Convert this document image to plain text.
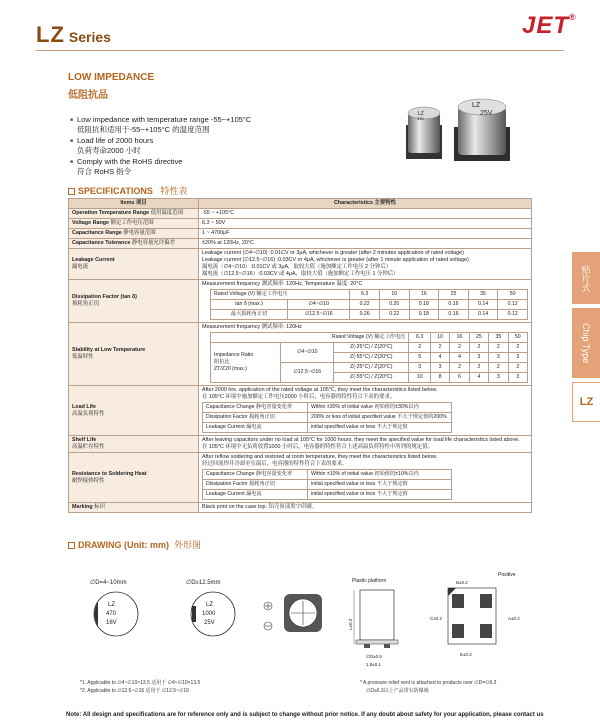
LZ Series	JET®
贴片式
Chip Type
LZ
LOW IMPEDANCE
低阻抗品
■ Low impedance with temperature range -55~+105°C
低阻抗和适用于-55~+105°C 的温度范围
■ Load life of 2000 hours
负荷寿命2000 小时
■ Comply with the RoHS directive
符合 RoHS 指令
LZ
330
LZ
25V
SPECIFICATIONS 特性表
Items 项目	Characteristics 主要特性
Operation Temperature Range 使用温度范围	-55 ~ +105°C
Voltage Range 额定工作电压范围	6.3 ~ 50V
Capacitance Range 静电容量范围	1 ~ 4700μF
Capacitance Tolerance 静电容量允许偏差	±20% at 120Hz, 20°C
Leakage Current
漏电流	
Leakage current (∅4~∅10) :0.01CV or 3μA, whichever is greater (after 2 minutes application of rated voltage)
Leakage current (∅12.5~∅16) :0.03CV or 4μA, whichever is greater (after 1 minute application of rated voltage)
漏电流（∅4~∅10）:0.01CV 或 3μA，取较大值（施加额定工作电压 2 分钟后）
漏电流（∅12.5~∅16）:0.03CV 或 4μA，取较大值（施加额定工作电压 1 分钟后）

Dissipation Factor (tan δ)
损耗角正切	
Measurement frequency 测试频率: 120Hz, Temperature 温度: 20°C
Rated Voltage (V) 额定工作电压	6.3	10	16	25	35	50
tan δ (max.)	∅4~∅10	0.22	0.20	0.18	0.16	0.14	0.12
最大损耗角正切	∅12.5~∅16	0.26	0.22	0.18	0.16	0.14	0.12

Stability at Low Temperature
低温特性	
Measurement frequency 测试频率: 120Hz
Rated Voltage (V) 额定工作电压	6.3	10	16	25	35	50
Impedance Ratio
阻抗比
ZT/Z20 (max.)	∅4~∅10	Z(-25°C) / Z(20°C)	2	2	2	2	2	2
Z(-55°C) / Z(20°C)	5	4	4	3	3	3
∅12.5~∅16	Z(-25°C) / Z(20°C)	3	3	2	2	2	2
Z(-55°C) / Z(20°C)	10	8	6	4	3	3

Load Life
高温负荷特性	
After 2000 hrs. application of the rated voltage at 105°C, they meet the characteristics listed below.
在 105°C 环境中施加额定工作电压2000 小时后，电容器的特性符合下表的要求。
Capacitance Change 静电容量变化率	Within ±30% of initial value 初始值的±30%以内
Dissipation Factor 损耗角正切	200% or less of initial specified value 不大于规定值的200%
Leakage Current 漏电流	initial specified value or less 不大于规定值

Shelf Life
高温贮存特性	
After leaving capacitors under no load at 105°C for 1000 hours, they meet the specified value for load life characteristics listed above.
在 105°C 环境中无负荷放置1000 小时后，电容器的特性符合上述高温负荷特性中所列的规定值。

Resistance to Soldering Heat
耐焊接热特性	
After reflow soldering and restored at room temperature, they meet the characteristics listed below.
经过回流焊并冷却至室温后，电容器的特性符合下表的要求。
Capacitance Change 静电容量变化率	Within ±10% of initial value 初始值的±10%以内
Dissipation Factor 损耗角正切	initial specified value or less 不大于规定值
Leakage Current 漏电流	initial specified value or less 不大于规定值

Marking 标识	Black print on the case top. 铝壳顶部黑字印刷。
DRAWING (Unit: mm) 外形图
∅D=4~10mm
LZ
470
16V
∅D≥12.5mm
LZ
1000
25V
Plastic platform
L±0.3
∅D±0.5
1.8±0.1
Positive
B±0.2
A±0.2
C±0.2
E±0.2
*1. Applicable to ∅4~∅10×13.5 适用于 ∅4~∅10×13.5
*2. Applicable to ∅12.5~∅16 适用于 ∅12.5~∅16
* A pressure relief vent is attached to products over ∅D=∅6.3
∅D≥6.3以上产品带有防爆阀
Note: All design and specifications are for reference only and is subject to change without prior notice. If any doubt about safety for your application, please contact us
